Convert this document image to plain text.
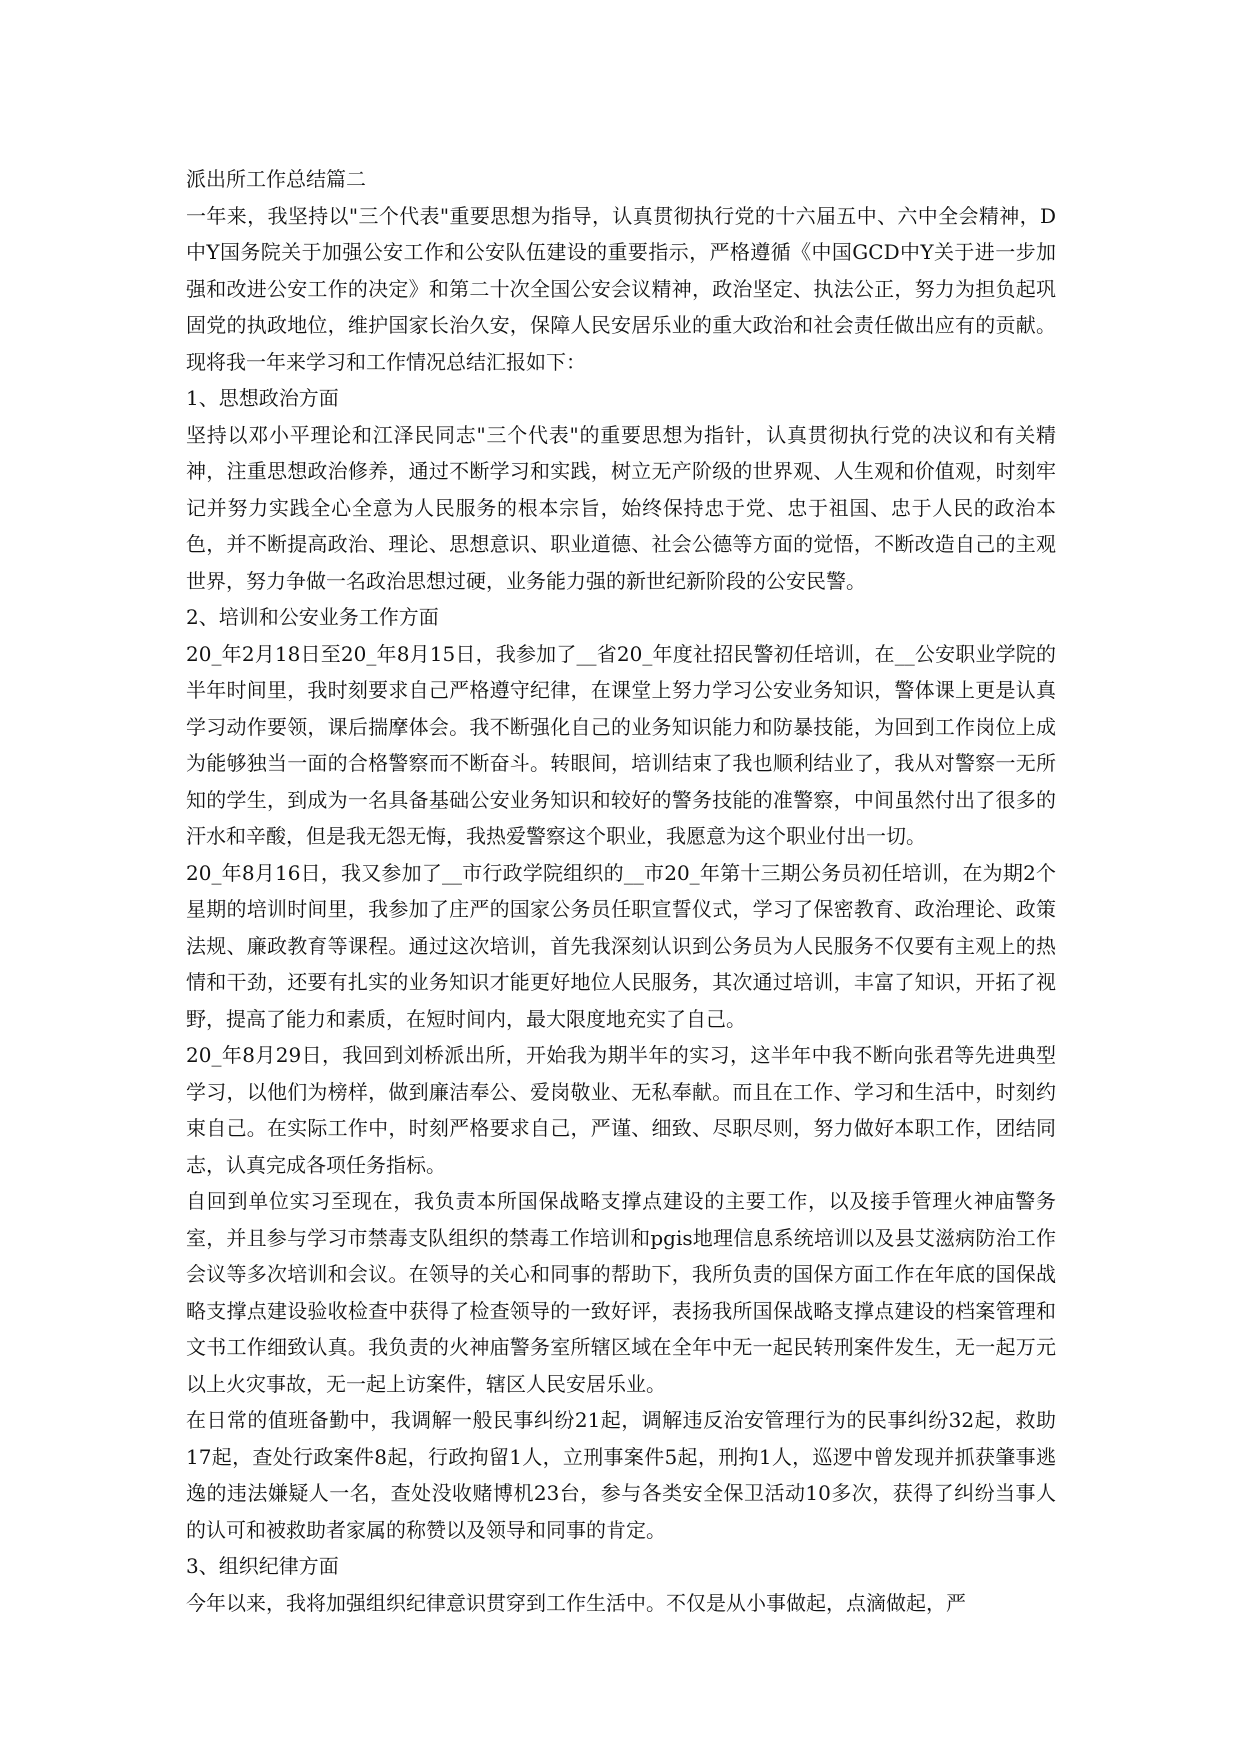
派出所工作总结篇二

一年来，我坚持以"三个代表"重要思想为指导，认真贯彻执行党的十六届五中、六中全会精神，D中Y国务院关于加强公安工作和公安队伍建设的重要指示，严格遵循《中国GCD中Y关于进一步加强和改进公安工作的决定》和第二十次全国公安会议精神，政治坚定、执法公正，努力为担负起巩固党的执政地位，维护国家长治久安，保障人民安居乐业的重大政治和社会责任做出应有的贡献。现将我一年来学习和工作情况总结汇报如下：

1、思想政治方面

坚持以邓小平理论和江泽民同志"三个代表"的重要思想为指针，认真贯彻执行党的决议和有关精神，注重思想政治修养，通过不断学习和实践，树立无产阶级的世界观、人生观和价值观，时刻牢记并努力实践全心全意为人民服务的根本宗旨，始终保持忠于党、忠于祖国、忠于人民的政治本色，并不断提高政治、理论、思想意识、职业道德、社会公德等方面的觉悟，不断改造自己的主观世界，努力争做一名政治思想过硬，业务能力强的新世纪新阶段的公安民警。

2、培训和公安业务工作方面

20_年2月18日至20_年8月15日，我参加了__省20_年度社招民警初任培训，在__公安职业学院的半年时间里，我时刻要求自己严格遵守纪律，在课堂上努力学习公安业务知识，警体课上更是认真学习动作要领，课后揣摩体会。我不断强化自己的业务知识能力和防暴技能，为回到工作岗位上成为能够独当一面的合格警察而不断奋斗。转眼间，培训结束了我也顺利结业了，我从对警察一无所知的学生，到成为一名具备基础公安业务知识和较好的警务技能的准警察，中间虽然付出了很多的汗水和辛酸，但是我无怨无悔，我热爱警察这个职业，我愿意为这个职业付出一切。

20_年8月16日，我又参加了__市行政学院组织的__市20_年第十三期公务员初任培训，在为期2个星期的培训时间里，我参加了庄严的国家公务员任职宣誓仪式，学习了保密教育、政治理论、政策法规、廉政教育等课程。通过这次培训，首先我深刻认识到公务员为人民服务不仅要有主观上的热情和干劲，还要有扎实的业务知识才能更好地位人民服务，其次通过培训，丰富了知识，开拓了视野，提高了能力和素质，在短时间内，最大限度地充实了自己。

20_年8月29日，我回到刘桥派出所，开始我为期半年的实习，这半年中我不断向张君等先进典型学习，以他们为榜样，做到廉洁奉公、爱岗敬业、无私奉献。而且在工作、学习和生活中，时刻约束自己。在实际工作中，时刻严格要求自己，严谨、细致、尽职尽则，努力做好本职工作，团结同志，认真完成各项任务指标。

自回到单位实习至现在，我负责本所国保战略支撑点建设的主要工作，以及接手管理火神庙警务室，并且参与学习市禁毒支队组织的禁毒工作培训和pgis地理信息系统培训以及县艾滋病防治工作会议等多次培训和会议。在领导的关心和同事的帮助下，我所负责的国保方面工作在年底的国保战略支撑点建设验收检查中获得了检查领导的一致好评，表扬我所国保战略支撑点建设的档案管理和文书工作细致认真。我负责的火神庙警务室所辖区域在全年中无一起民转刑案件发生，无一起万元以上火灾事故，无一起上访案件，辖区人民安居乐业。

在日常的值班备勤中，我调解一般民事纠纷21起，调解违反治安管理行为的民事纠纷32起，救助17起，查处行政案件8起，行政拘留1人，立刑事案件5起，刑拘1人，巡逻中曾发现并抓获肇事逃逸的违法嫌疑人一名，查处没收赌博机23台，参与各类安全保卫活动10多次，获得了纠纷当事人的认可和被救助者家属的称赞以及领导和同事的肯定。

3、组织纪律方面

今年以来，我将加强组织纪律意识贯穿到工作生活中。不仅是从小事做起，点滴做起，严
